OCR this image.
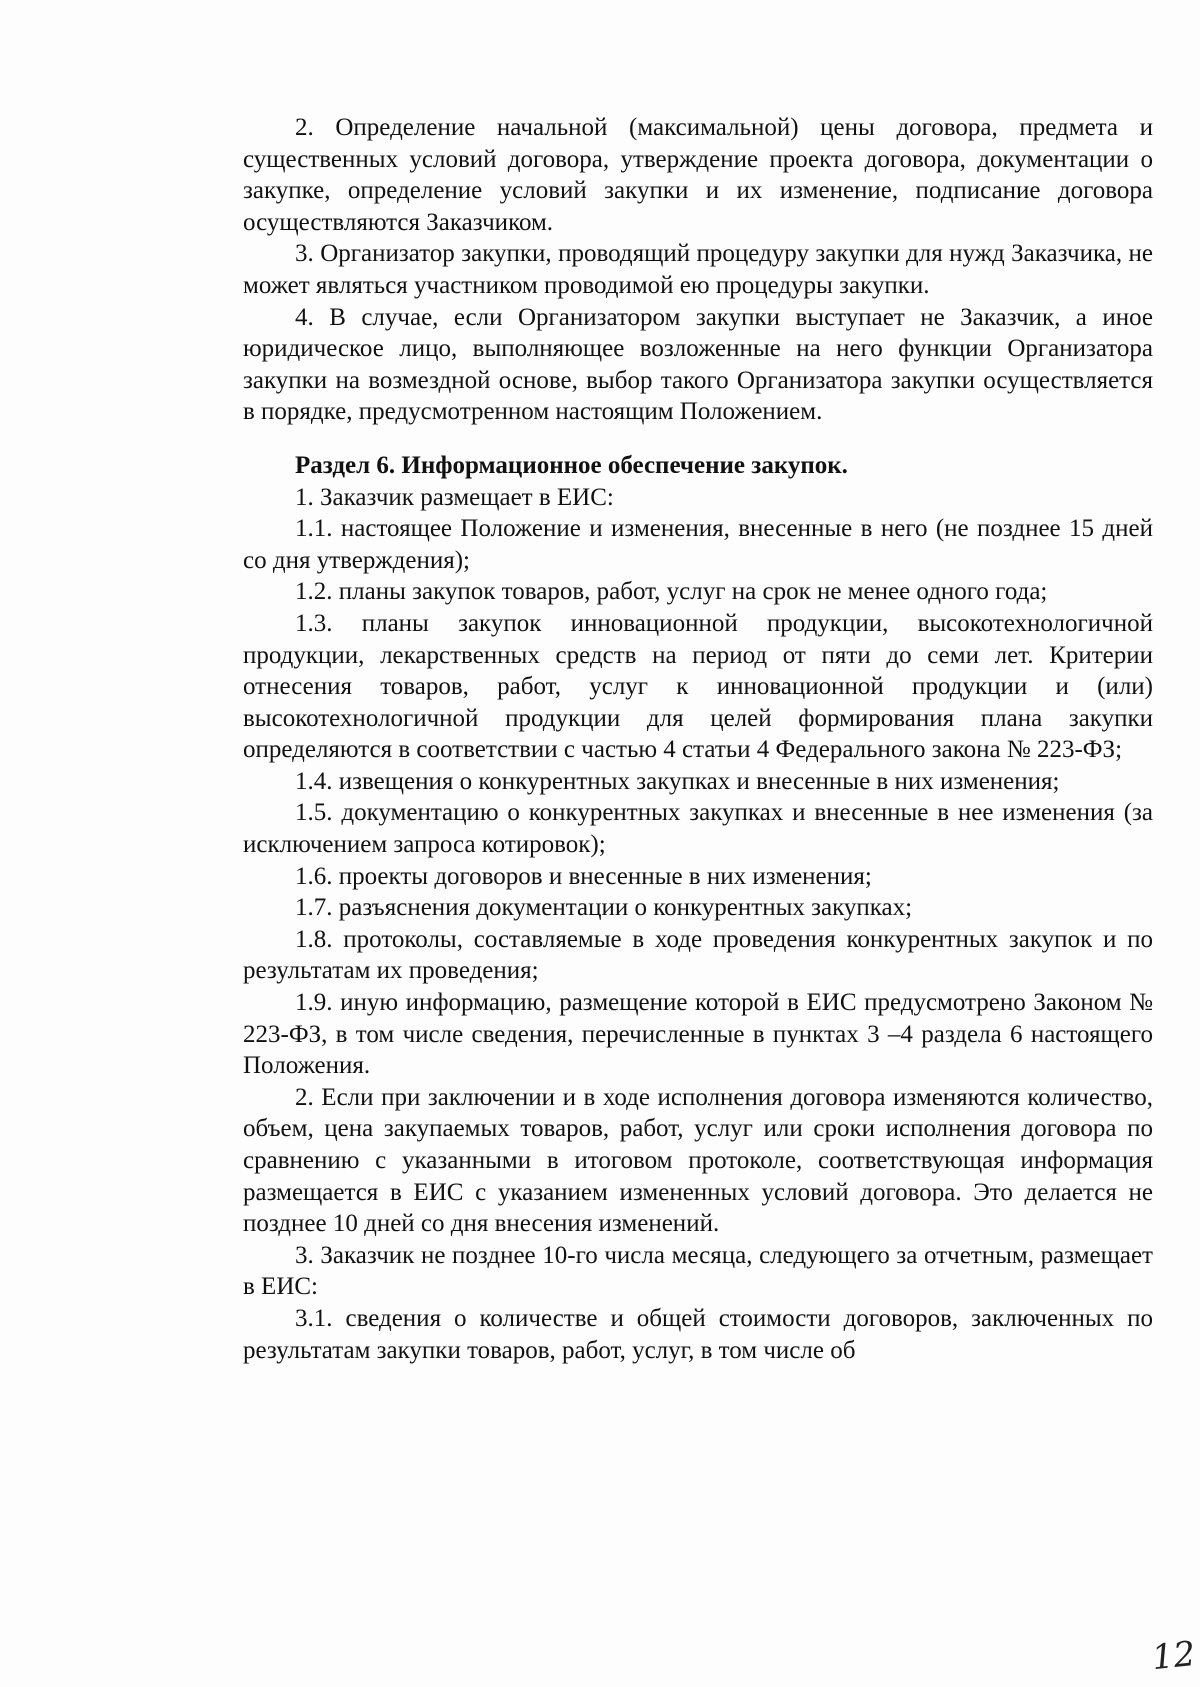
2. Определение начальной (максимальной) цены договора, предмета и существенных условий договора, утверждение проекта договора, документации о закупке, определение условий закупки и их изменение, подписание договора осуществляются Заказчиком.

3. Организатор закупки, проводящий процедуру закупки для нужд Заказчика, не может являться участником проводимой ею процедуры закупки.

4. В случае, если Организатором закупки выступает не Заказчик, а иное юридическое лицо, выполняющее возложенные на него функции Организатора закупки на возмездной основе, выбор такого Организатора закупки осуществляется в порядке, предусмотренном настоящим Положением.

Раздел 6. Информационное обеспечение закупок.

1. Заказчик размещает в ЕИС:

1.1. настоящее Положение и изменения, внесенные в него (не позднее 15 дней со дня утверждения);

1.2. планы закупок товаров, работ, услуг на срок не менее одного года;

1.3. планы закупок инновационной продукции, высокотехнологичной продукции, лекарственных средств на период от пяти до семи лет. Критерии отнесения товаров, работ, услуг к инновационной продукции и (или) высокотехнологичной продукции для целей формирования плана закупки определяются в соответствии с частью 4 статьи 4 Федерального закона № 223-ФЗ;

1.4. извещения о конкурентных закупках и внесенные в них изменения;

1.5. документацию о конкурентных закупках и внесенные в нее изменения (за исключением запроса котировок);

1.6. проекты договоров и внесенные в них изменения;

1.7. разъяснения документации о конкурентных закупках;

1.8. протоколы, составляемые в ходе проведения конкурентных закупок и по результатам их проведения;

1.9. иную информацию, размещение которой в ЕИС предусмотрено Законом № 223-ФЗ, в том числе сведения, перечисленные в пунктах 3 –4 раздела 6 настоящего Положения.

2. Если при заключении и в ходе исполнения договора изменяются количество, объем, цена закупаемых товаров, работ, услуг или сроки исполнения договора по сравнению с указанными в итоговом протоколе, соответствующая информация размещается в ЕИС с указанием измененных условий договора. Это делается не позднее 10 дней со дня внесения изменений.

3. Заказчик не позднее 10-го числа месяца, следующего за отчетным, размещает в ЕИС:

3.1. сведения о количестве и общей стоимости договоров, заключенных по результатам закупки товаров, работ, услуг, в том числе об

12
